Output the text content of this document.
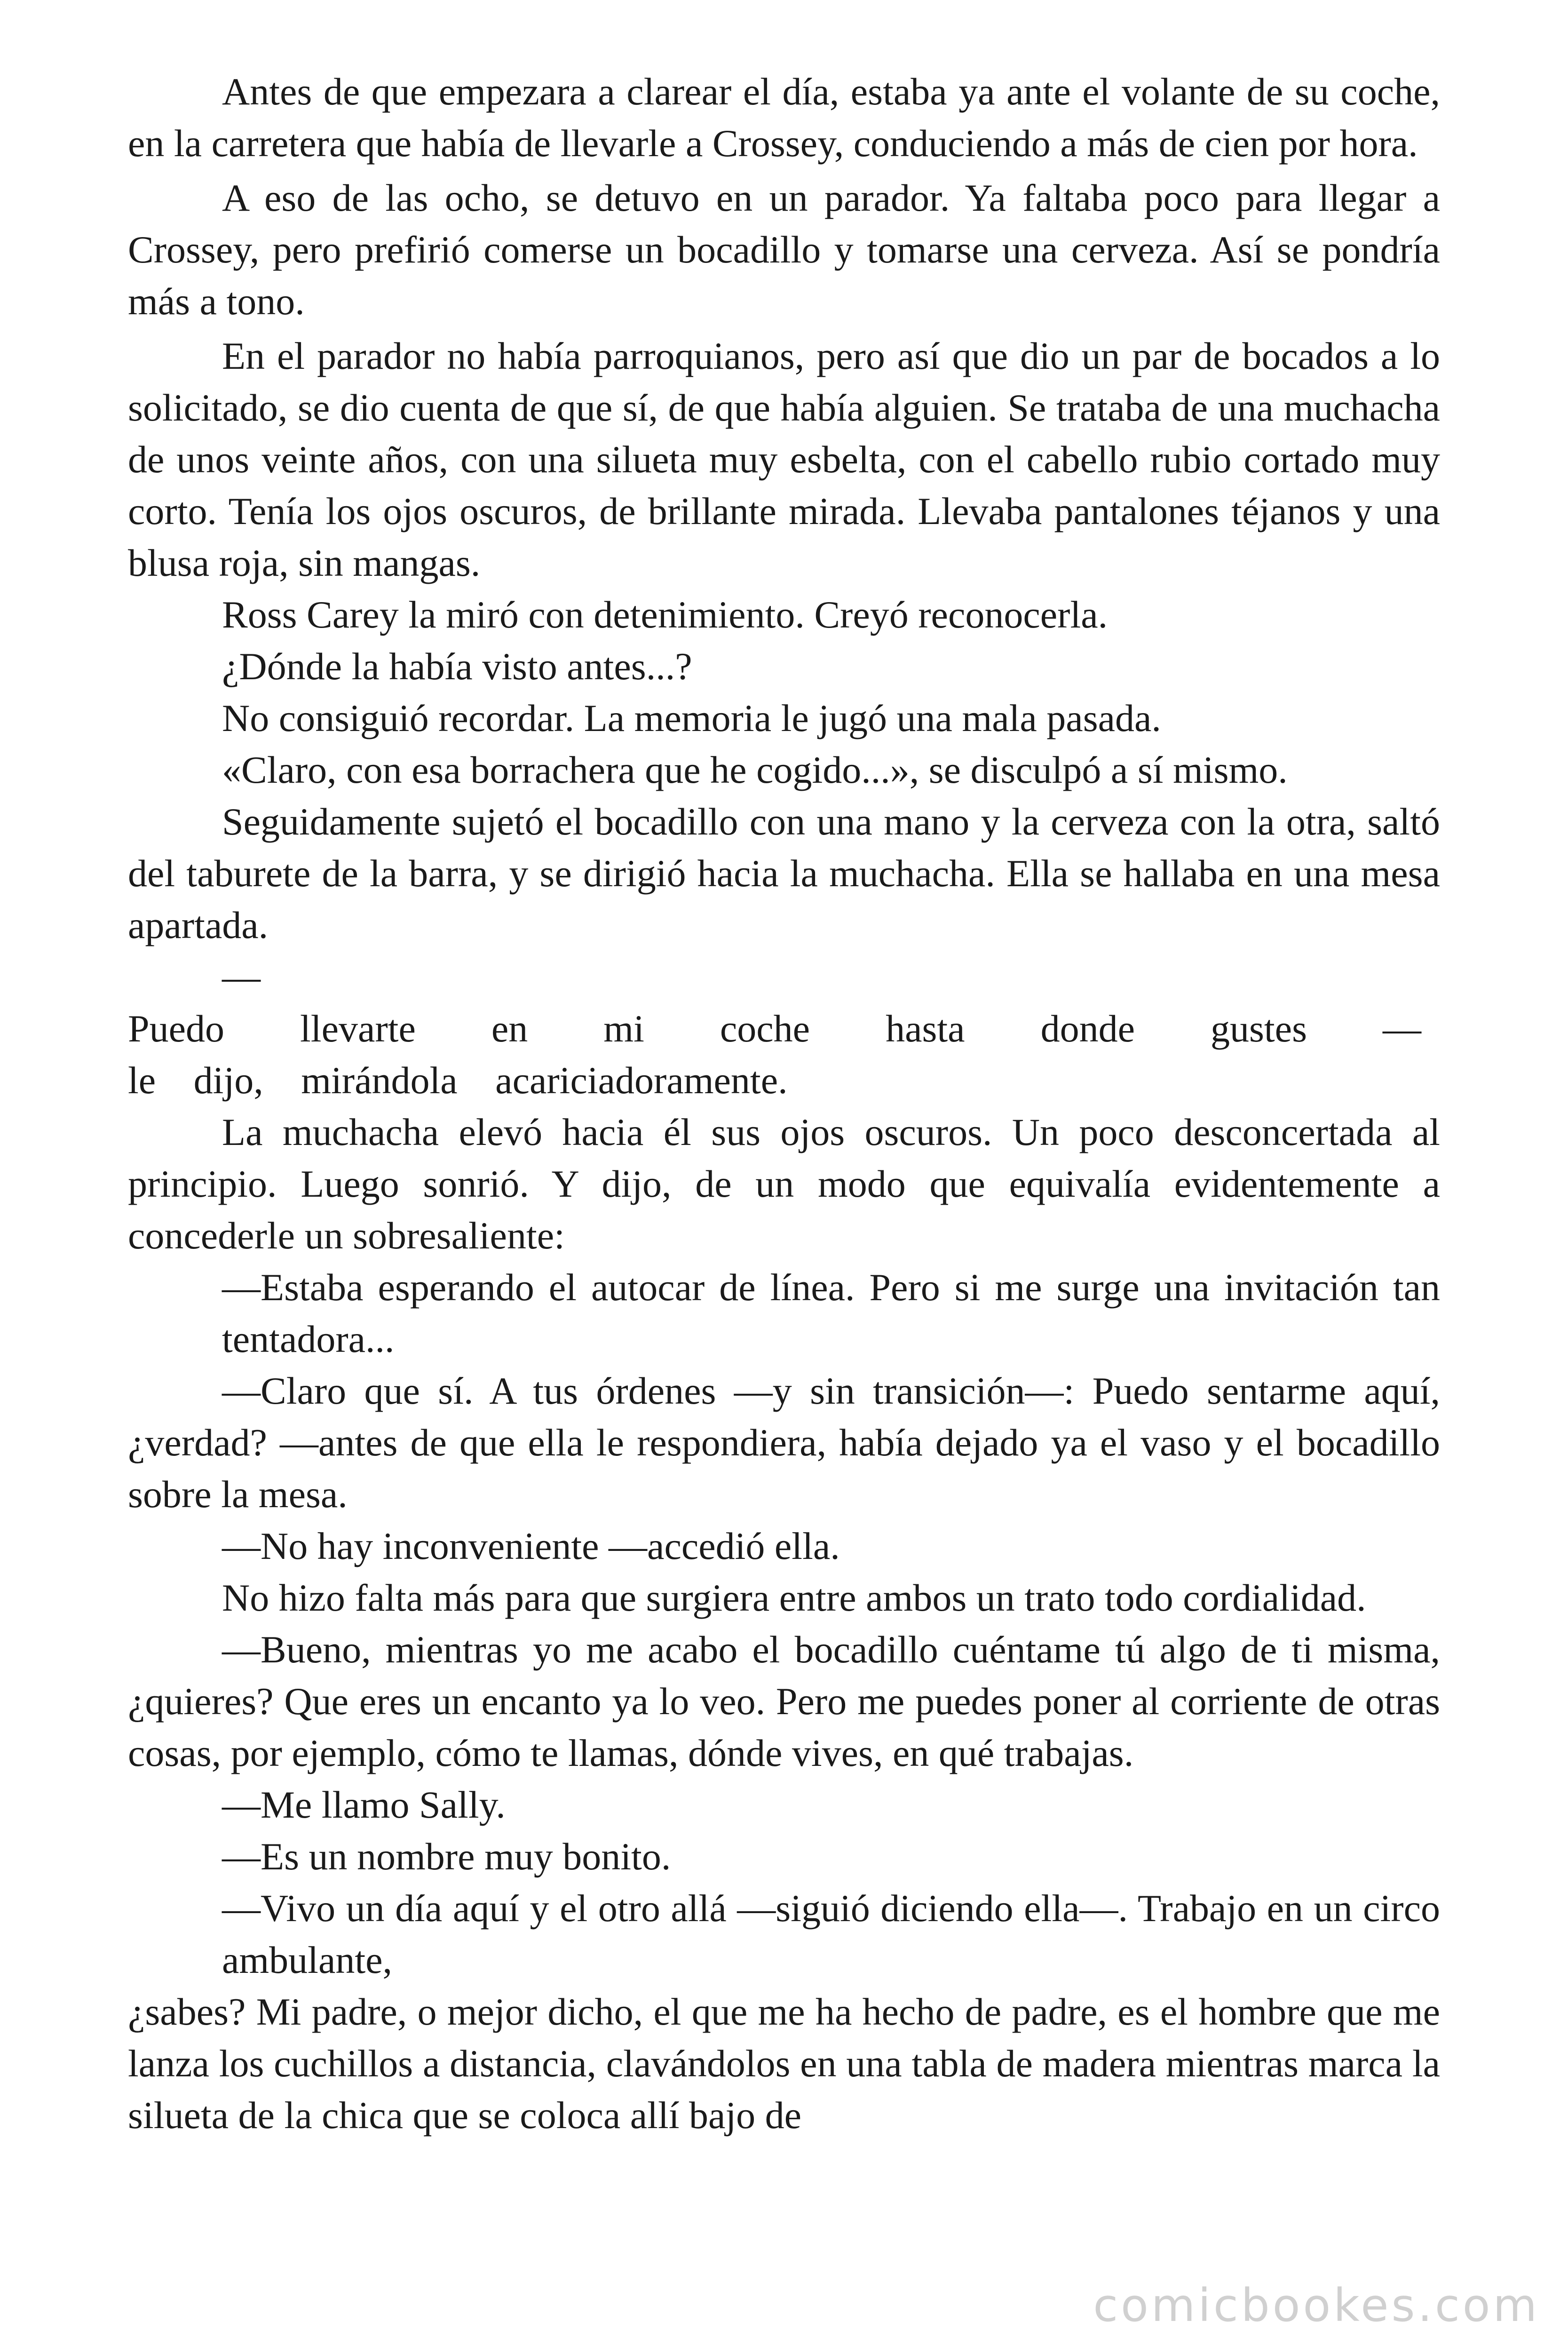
Antes de que empezara a clarear el día, estaba ya ante el volante de su coche, en la carretera que había de llevarle a Crossey, conduciendo a más de cien por hora.

A eso de las ocho, se detuvo en un parador. Ya faltaba poco para llegar a Crossey, pero prefirió comerse un bocadillo y tomarse una cerveza. Así se pondría más a tono.

En el parador no había parroquianos, pero así que dio un par de bocados a lo solicitado, se dio cuenta de que sí, de que había alguien. Se trataba de una muchacha de unos veinte años, con una silueta muy esbelta, con el cabello rubio cortado muy corto. Tenía los ojos oscuros, de brillante mirada. Llevaba pantalones téjanos y una blusa roja, sin mangas.

Ross Carey la miró con detenimiento. Creyó reconocerla.

¿Dónde la había visto antes...?

No consiguió recordar. La memoria le jugó una mala pasada.

«Claro, con esa borrachera que he cogido...», se disculpó a sí mismo.

Seguidamente sujetó el bocadillo con una mano y la cerveza con la otra, saltó del taburete de la barra, y se dirigió hacia la muchacha. Ella se hallaba en una mesa apartada.

—

Puedo llevarte en mi coche hasta donde gustes —

le dijo, mirándola acariciadoramente.

La muchacha elevó hacia él sus ojos oscuros. Un poco desconcertada al principio. Luego sonrió. Y dijo, de un modo que equivalía evidentemente a concederle un sobresaliente:

—Estaba esperando el autocar de línea. Pero si me surge una invitación tan tentadora...

—Claro que sí. A tus órdenes —y sin transición—: Puedo sentarme aquí, ¿verdad? —antes de que ella le respondiera, había dejado ya el vaso y el bocadillo sobre la mesa.

—No hay inconveniente —accedió ella.

No hizo falta más para que surgiera entre ambos un trato todo cordialidad.

—Bueno, mientras yo me acabo el bocadillo cuéntame tú algo de ti misma, ¿quieres? Que eres un encanto ya lo veo. Pero me puedes poner al corriente de otras cosas, por ejemplo, cómo te llamas, dónde vives, en qué trabajas.

—Me llamo Sally.

—Es un nombre muy bonito.

—Vivo un día aquí y el otro allá —siguió diciendo ella—. Trabajo en un circo ambulante,

¿sabes? Mi padre, o mejor dicho, el que me ha hecho de padre, es el hombre que me lanza los cuchillos a distancia, clavándolos en una tabla de madera mientras marca la silueta de la chica que se coloca allí bajo de

comicbookes.com
